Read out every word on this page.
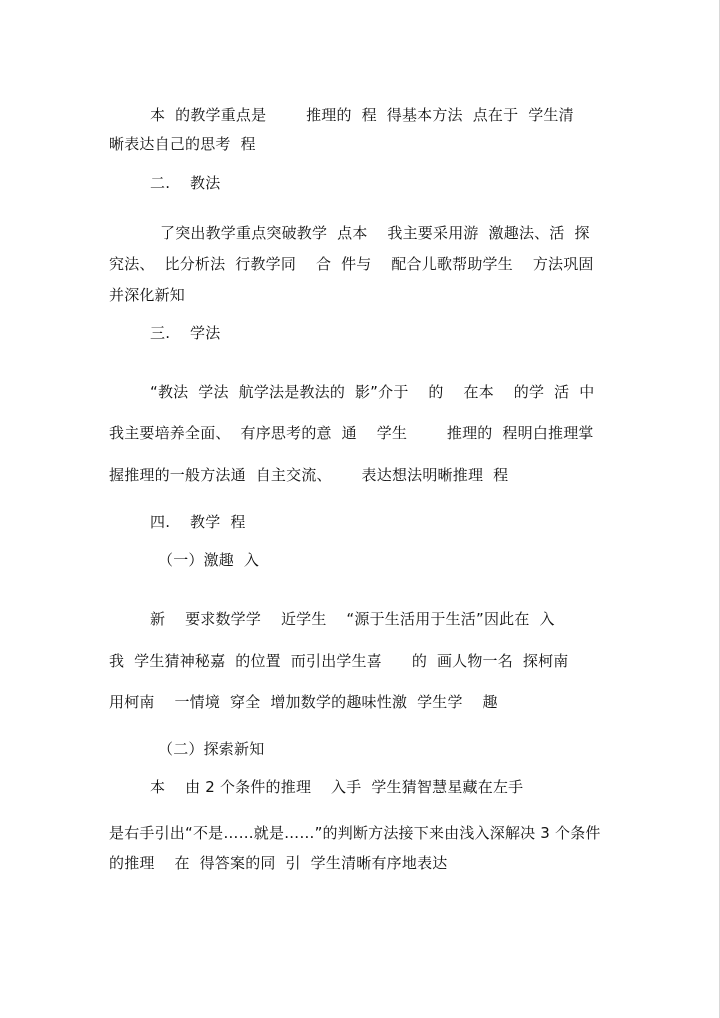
本  的教学重点是        推理的  程  得基本方法  点在于  学生清
晰表达自己的思考  程
二.    教法
了突出教学重点突破教学  点本    我主要采用游  激趣法、活  探
究法、  比分析法  行教学同    合  件与    配合儿歌帮助学生    方法巩固
并深化新知
三.    学法
“教法  学法  航学法是教法的  影”介于    的    在本    的学  活  中
我主要培养全面、  有序思考的意  通    学生        推理的  程明白推理掌
握推理的一般方法通  自主交流、      表达想法明晰推理  程
四.    教学  程
（一）激趣  入
新    要求数学学    近学生    “源于生活用于生活”因此在  入
我  学生猜神秘嘉  的位置  而引出学生喜      的  画人物一名  探柯南
用柯南    一情境  穿全  增加数学的趣味性激  学生学    趣
（二）探索新知
本    由 2 个条件的推理    入手  学生猜智慧星藏在左手
是右手引出“不是……就是……”的判断方法接下来由浅入深解决 3 个条件
的推理    在  得答案的同  引  学生清晰有序地表达
